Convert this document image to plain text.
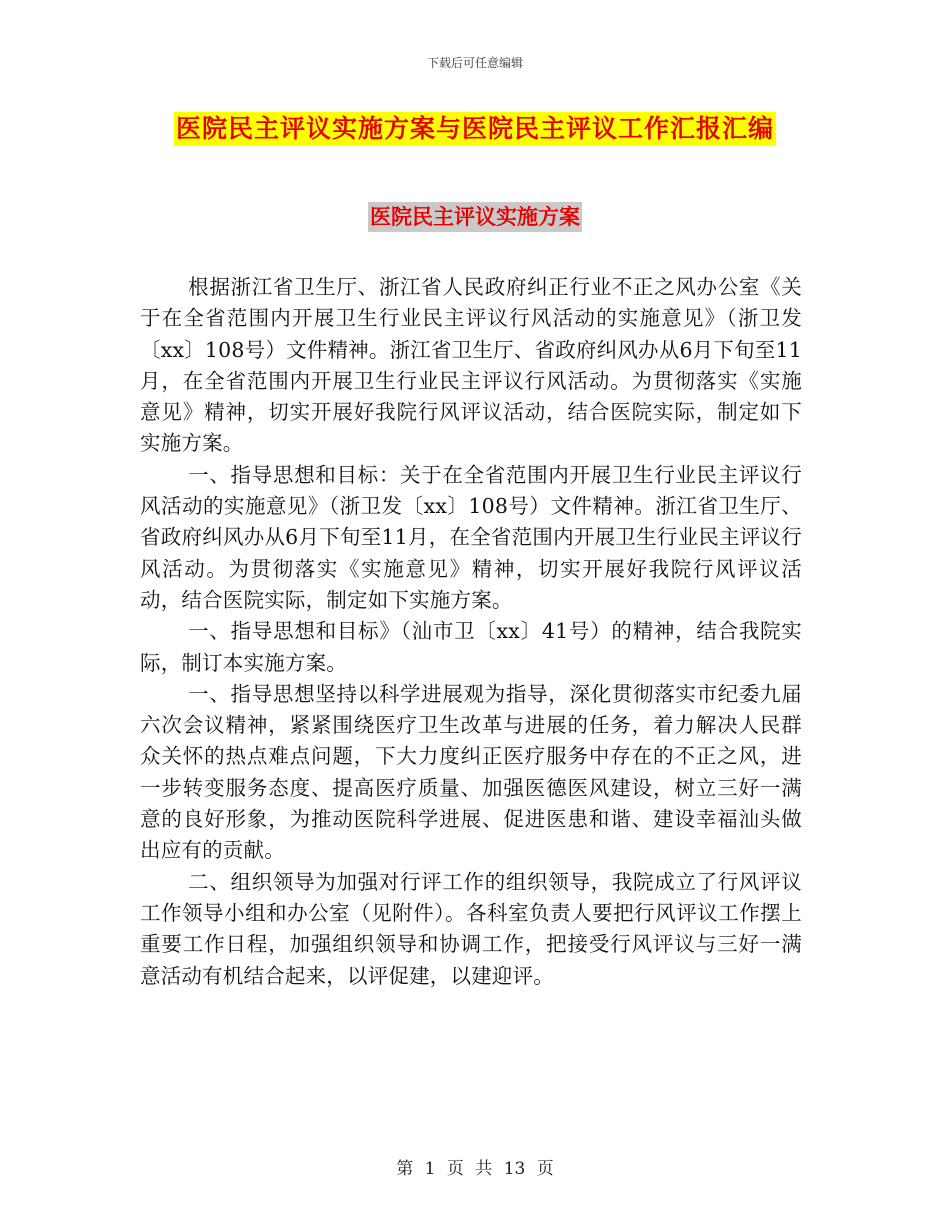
下载后可任意编辑
医院民主评议实施方案与医院民主评议工作汇报汇编
医院民主评议实施方案

根据浙江省卫生厅、浙江省人民政府纠正行业不正之风办公室《关于在全省范围内开展卫生行业民主评议行风活动的实施意见》（浙卫发〔xx〕108号）文件精神。浙江省卫生厅、省政府纠风办从6月下旬至11月，在全省范围内开展卫生行业民主评议行风活动。为贯彻落实《实施意见》精神，切实开展好我院行风评议活动，结合医院实际，制定如下实施方案。

一、指导思想和目标：关于在全省范围内开展卫生行业民主评议行风活动的实施意见》（浙卫发〔xx〕108号）文件精神。浙江省卫生厅、省政府纠风办从6月下旬至11月，在全省范围内开展卫生行业民主评议行风活动。为贯彻落实《实施意见》精神，切实开展好我院行风评议活动，结合医院实际，制定如下实施方案。

一、指导思想和目标》（汕市卫〔xx〕41号）的精神，结合我院实际，制订本实施方案。

一、指导思想坚持以科学进展观为指导，深化贯彻落实市纪委九届六次会议精神，紧紧围绕医疗卫生改革与进展的任务，着力解决人民群众关怀的热点难点问题，下大力度纠正医疗服务中存在的不正之风，进一步转变服务态度、提高医疗质量、加强医德医风建设，树立三好一满意的良好形象，为推动医院科学进展、促进医患和谐、建设幸福汕头做出应有的贡献。

二、组织领导为加强对行评工作的组织领导，我院成立了行风评议工作领导小组和办公室（见附件）。各科室负责人要把行风评议工作摆上重要工作日程，加强组织领导和协调工作，把接受行风评议与三好一满意活动有机结合起来，以评促建，以建迎评。

第 1 页 共 13 页
